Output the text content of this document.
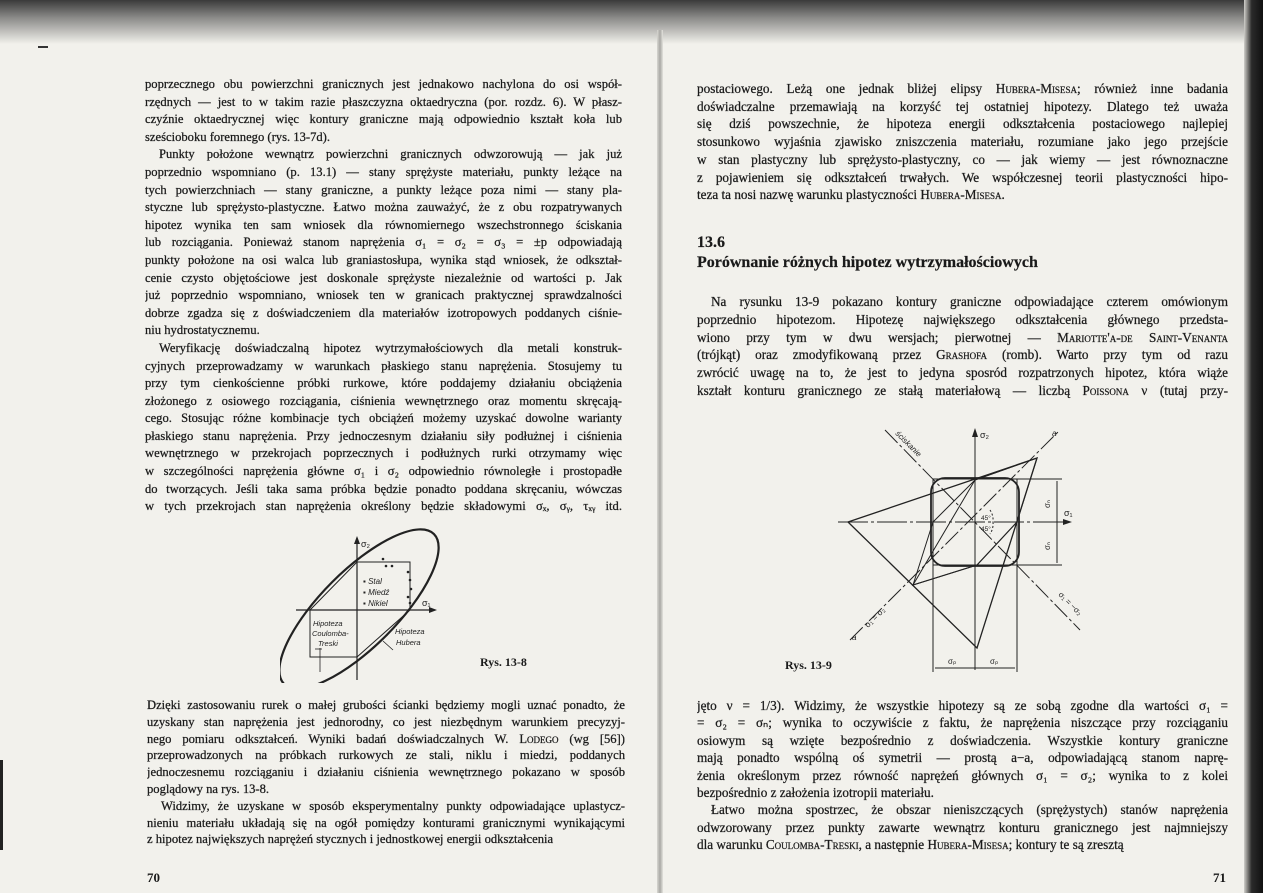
poprzecznego obu powierzchni granicznych jest jednakowo nachylona do osi współ-
rzędnych — jest to w takim razie płaszczyzna oktaedryczna (por. rozdz. 6). W płasz-
czyźnie oktaedrycznej więc kontury graniczne mają odpowiednio kształt koła lub
sześcioboku foremnego (rys. 13-7d).
Punkty położone wewnątrz powierzchni granicznych odwzorowują — jak już
poprzednio wspomniano (p. 13.1) — stany sprężyste materiału, punkty leżące na
tych powierzchniach — stany graniczne, a punkty leżące poza nimi — stany pla-
styczne lub sprężysto-plastyczne. Łatwo można zauważyć, że z obu rozpatrywanych
hipotez wynika ten sam wniosek dla równomiernego wszechstronnego ściskania
lub rozciągania. Ponieważ stanom naprężenia σ₁ = σ₂ = σ₃ = ±p odpowiadają
punkty położone na osi walca lub graniastosłupa, wynika stąd wniosek, że odkształ-
cenie czysto objętościowe jest doskonale sprężyste niezależnie od wartości p. Jak
już poprzednio wspomniano, wniosek ten w granicach praktycznej sprawdzalności
dobrze zgadza się z doświadczeniem dla materiałów izotropowych poddanych ciśnie-
niu hydrostatycznemu.
Weryfikację doświadczalną hipotez wytrzymałościowych dla metali konstruk-
cyjnych przeprowadzamy w warunkach płaskiego stanu naprężenia. Stosujemy tu
przy tym cienkościenne próbki rurkowe, które poddajemy działaniu obciążenia
złożonego z osiowego rozciągania, ciśnienia wewnętrznego oraz momentu skręcają-
cego. Stosując różne kombinacje tych obciążeń możemy uzyskać dowolne warianty
płaskiego stanu naprężenia. Przy jednoczesnym działaniu siły podłużnej i ciśnienia
wewnętrznego w przekrojach poprzecznych i podłużnych rurki otrzymamy więc
w szczególności naprężenia główne σ₁ i σ₂ odpowiednio równoległe i prostopadłe
do tworzących. Jeśli taka sama próbka będzie ponadto poddana skręcaniu, wówczas
w tych przekrojach stan naprężenia określony będzie składowymi σₓ, σᵧ, τₓᵧ itd.
Dzięki zastosowaniu rurek o małej grubości ścianki będziemy mogli uznać ponadto, że
uzyskany stan naprężenia jest jednorodny, co jest niezbędnym warunkiem precyzyj-
nego pomiaru odkształceń. Wyniki badań doświadczalnych W. Lodego (wg [56])
przeprowadzonych na próbkach rurkowych ze stali, niklu i miedzi, poddanych
jednoczesnemu rozciąganiu i działaniu ciśnienia wewnętrznego pokazano w sposób
poglądowy na rys. 13-8.
Widzimy, że uzyskane w sposób eksperymentalny punkty odpowiadające uplastycz-
nieniu materiału układają się na ogół pomiędzy konturami granicznymi wynikającymi
z hipotez największych naprężeń stycznych i jednostkowej energii odkształcenia
postaciowego. Leżą one jednak bliżej elipsy Hubera-Misesa; również inne badania
doświadczalne przemawiają na korzyść tej ostatniej hipotezy. Dlatego też uważa
się dziś powszechnie, że hipoteza energii odkształcenia postaciowego najlepiej
stosunkowo wyjaśnia zjawisko zniszczenia materiału, rozumiane jako jego przejście
w stan plastyczny lub sprężysto-plastyczny, co — jak wiemy — jest równoznaczne
z pojawieniem się odkształceń trwałych. We współczesnej teorii plastyczności hipo-
teza ta nosi nazwę warunku plastyczności Hubera-Misesa.
Na rysunku 13-9 pokazano kontury graniczne odpowiadające czterem omówionym
poprzednio hipotezom. Hipotezę największego odkształcenia głównego przedsta-
wiono przy tym w dwu wersjach; pierwotnej — Mariotte'a-de Saint-Venanta
(trójkąt) oraz zmodyfikowaną przez Grashofa (romb). Warto przy tym od razu
zwrócić uwagę na to, że jest to jedyna sposród rozpatrzonych hipotez, która wiąże
kształt konturu granicznego ze stałą materiałową — liczbą Poissona ν (tutaj przy-
jęto ν = 1/3). Widzimy, że wszystkie hipotezy są ze sobą zgodne dla wartości σ₁ =
= σ₂ = σₙ; wynika to oczywiście z faktu, że naprężenia niszczące przy rozciąganiu
osiowym są wzięte bezpośrednio z doświadczenia. Wszystkie kontury graniczne
mają ponadto wspólną oś symetrii — prostą a−a, odpowiadającą stanom naprę-
żenia określonym przez równość naprężeń głównych σ₁ = σ₂; wynika to z kolei
bezpośrednio z założenia izotropii materiału.
Łatwo można spostrzec, że obszar nieniszczących (sprężystych) stanów naprężenia
odwzorowany przez punkty zawarte wewnątrz konturu granicznego jest najmniejszy
dla warunku Coulomba-Treski, a następnie Hubera-Misesa; kontury te są zresztą
13.6
Porównanie różnych hipotez wytrzymałościowych
70	71
σ₂
σ₁
▪ Stal
▪ Miedź
▪ Nikiel
Hipoteza
Coulomba-
Treski
Hipoteza
Hubera
Rys. 13-8
σ₂
σ₁
ściskanie	a
a
σ₁ = σ₂
σ₁ = −σ₂
45°
45°
σₙ
σₙ
σₚ	σₚ
Rys. 13-9
